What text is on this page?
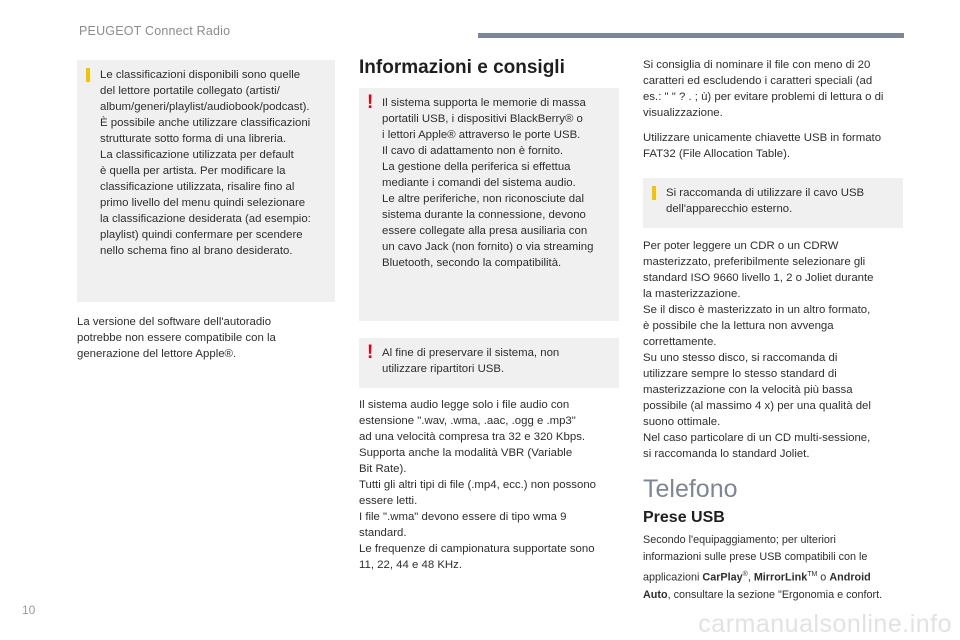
PEUGEOT Connect Radio
Le classificazioni disponibili sono quelle
del lettore portatile collegato (artisti/
album/generi/playlist/audiobook/podcast).
È possibile anche utilizzare classificazioni
strutturate sotto forma di una libreria.
La classificazione utilizzata per default
è quella per artista. Per modificare la
classificazione utilizzata, risalire fino al
primo livello del menu quindi selezionare
la classificazione desiderata (ad esempio:
playlist) quindi confermare per scendere
nello schema fino al brano desiderato.
La versione del software dell'autoradio
potrebbe non essere compatibile con la
generazione del lettore Apple®.
Informazioni e consigli
! Il sistema supporta le memorie di massa
portatili USB, i dispositivi BlackBerry® o
i lettori Apple® attraverso le porte USB.
Il cavo di adattamento non è fornito.
La gestione della periferica si effettua
mediante i comandi del sistema audio.
Le altre periferiche, non riconosciute dal
sistema durante la connessione, devono
essere collegate alla presa ausiliaria con
un cavo Jack (non fornito) o via streaming
Bluetooth, secondo la compatibilità.
! Al fine di preservare il sistema, non
utilizzare ripartitori USB.
Il sistema audio legge solo i file audio con
estensione ".wav, .wma, .aac, .ogg e .mp3"
ad una velocità compresa tra 32 e 320 Kbps.
Supporta anche la modalità VBR (Variable
Bit Rate).
Tutti gli altri tipi di file (.mp4, ecc.) non possono
essere letti.
I file ".wma" devono essere di tipo wma 9
standard.
Le frequenze di campionatura supportate sono
11, 22, 44 e 48 KHz.
Si consiglia di nominare il file con meno di 20
caratteri ed escludendo i caratteri speciali (ad
es.: " " ? . ; ù) per evitare problemi di lettura o di
visualizzazione.
Utilizzare unicamente chiavette USB in formato
FAT32 (File Allocation Table).
Si raccomanda di utilizzare il cavo USB
dell'apparecchio esterno.
Per poter leggere un CDR o un CDRW
masterizzato, preferibilmente selezionare gli
standard ISO 9660 livello 1, 2 o Joliet durante
la masterizzazione.
Se il disco è masterizzato in un altro formato,
è possibile che la lettura non avvenga
correttamente.
Su uno stesso disco, si raccomanda di
utilizzare sempre lo stesso standard di
masterizzazione con la velocità più bassa
possibile (al massimo 4 x) per una qualità del
suono ottimale.
Nel caso particolare di un CD multi-sessione,
si raccomanda lo standard Joliet.
Telefono
Prese USB
Secondo l'equipaggiamento; per ulteriori
informazioni sulle prese USB compatibili con le
applicazioni CarPlay®, MirrorLink™ o Android
Auto, consultare la sezione "Ergonomia e confort.
10	carmanualsonline.info
